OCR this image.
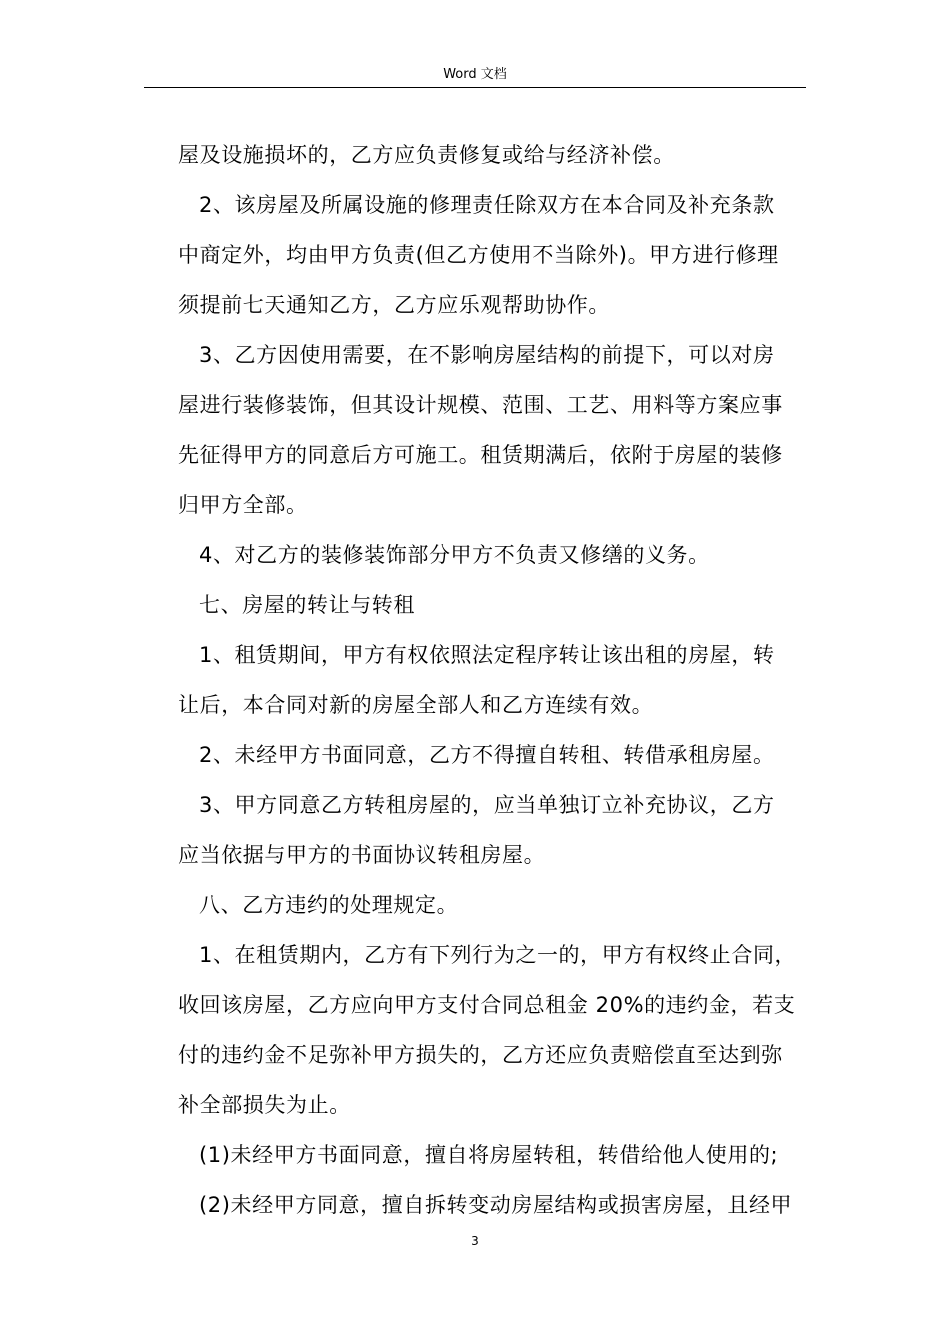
Word 文档
屋及设施损坏的，乙方应负责修复或给与经济补偿。
2、该房屋及所属设施的修理责任除双方在本合同及补充条款
中商定外，均由甲方负责(但乙方使用不当除外)。甲方进行修理
须提前七天通知乙方，乙方应乐观帮助协作。
3、乙方因使用需要，在不影响房屋结构的前提下，可以对房
屋进行装修装饰，但其设计规模、范围、工艺、用料等方案应事
先征得甲方的同意后方可施工。租赁期满后，依附于房屋的装修
归甲方全部。
4、对乙方的装修装饰部分甲方不负责又修缮的义务。
七、房屋的转让与转租
1、租赁期间，甲方有权依照法定程序转让该出租的房屋，转
让后，本合同对新的房屋全部人和乙方连续有效。
2、未经甲方书面同意，乙方不得擅自转租、转借承租房屋。
3、甲方同意乙方转租房屋的，应当单独订立补充协议，乙方
应当依据与甲方的书面协议转租房屋。
八、乙方违约的处理规定。
1、在租赁期内，乙方有下列行为之一的，甲方有权终止合同，
收回该房屋，乙方应向甲方支付合同总租金 20%的违约金，若支
付的违约金不足弥补甲方损失的，乙方还应负责赔偿直至达到弥
补全部损失为止。
(1)未经甲方书面同意，擅自将房屋转租，转借给他人使用的;
(2)未经甲方同意，擅自拆转变动房屋结构或损害房屋，且经甲
3
